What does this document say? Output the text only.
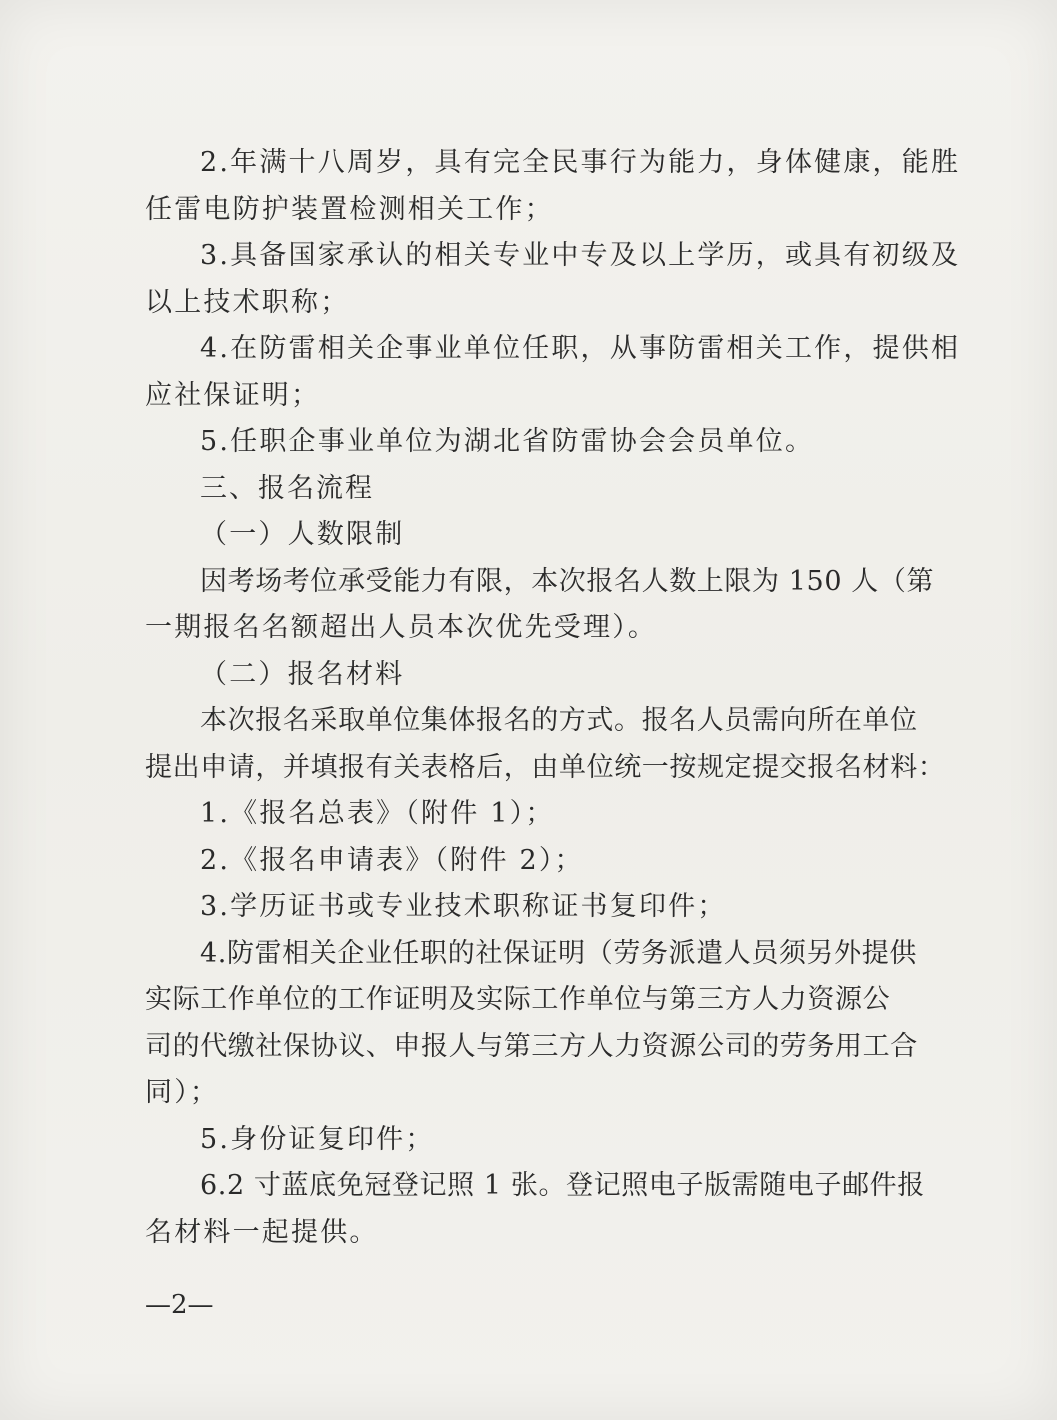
2.年满十八周岁，具有完全民事行为能力，身体健康，能胜
任雷电防护装置检测相关工作；
3.具备国家承认的相关专业中专及以上学历，或具有初级及
以上技术职称；
4.在防雷相关企事业单位任职，从事防雷相关工作，提供相
应社保证明；
5.任职企事业单位为湖北省防雷协会会员单位。
三、报名流程
（一）人数限制
因考场考位承受能力有限，本次报名人数上限为 150 人（第
一期报名名额超出人员本次优先受理）。
（二）报名材料
本次报名采取单位集体报名的方式。报名人员需向所在单位
提出申请，并填报有关表格后，由单位统一按规定提交报名材料：
1.《报名总表》（附件 1）；
2.《报名申请表》（附件 2）；
3.学历证书或专业技术职称证书复印件；
4.防雷相关企业任职的社保证明（劳务派遣人员须另外提供
实际工作单位的工作证明及实际工作单位与第三方人力资源公
司的代缴社保协议、申报人与第三方人力资源公司的劳务用工合
同）；
5.身份证复印件；
6.2 寸蓝底免冠登记照 1 张。登记照电子版需随电子邮件报
名材料一起提供。
—2—
